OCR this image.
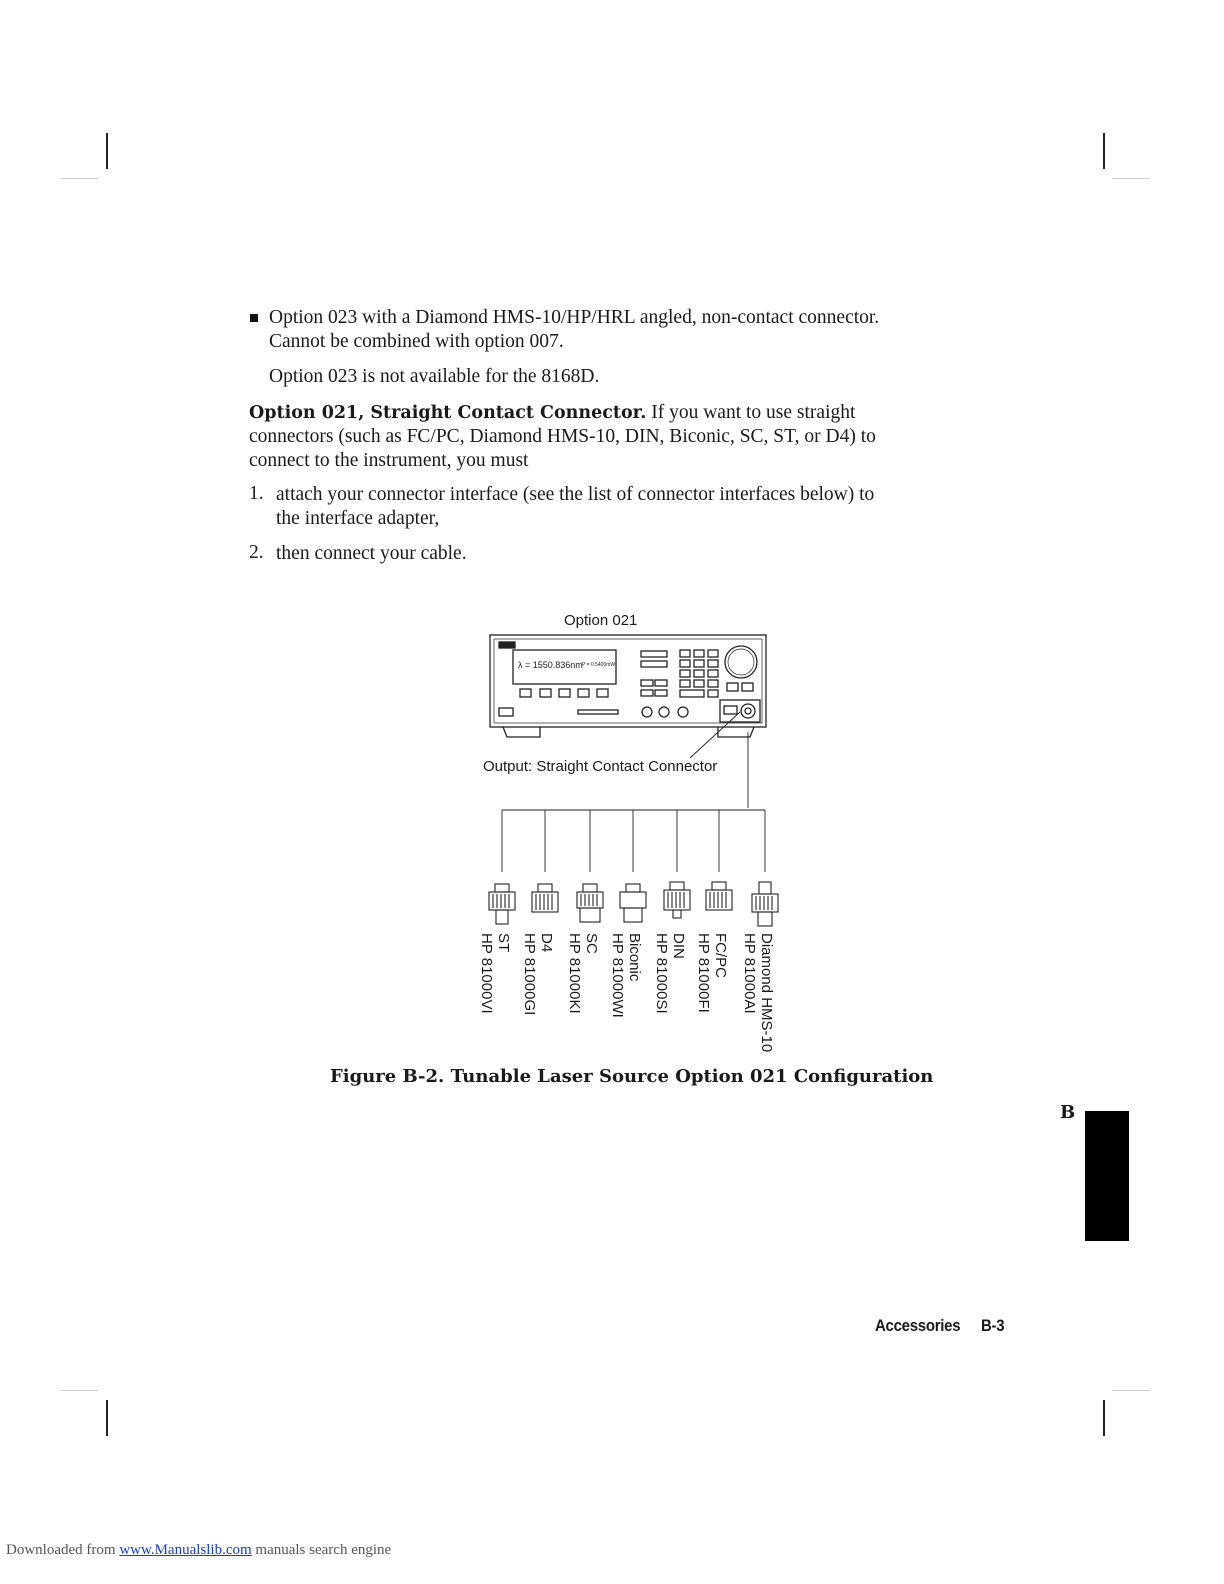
Option 023 with a Diamond HMS-10/HP/HRL angled, non-contact connector.
Cannot be combined with option 007.
Option 023 is not available for the 8168D.
Option 021, Straight Contact Connector. If you want to use straight
connectors (such as FC/PC, Diamond HMS-10, DIN, Biconic, SC, ST, or D4) to
connect to the instrument, you must
1. attach your connector interface (see the list of connector interfaces below) to
the interface adapter,
2. then connect your cable.
Option 021
λ = 1550.836nm P = 0.5400mW
Output: Straight Contact Connector
ST
HP 81000VI	D4
HP 81000GI	SC
HP 81000KI	Biconic
HP 81000WI	DIN
HP 81000SI	FC/PC
HP 81000FI	Diamond HMS-10
HP 81000AI
Figure B-2. Tunable Laser Source Option 021 Configuration
B
Accessories B-3
Downloaded from www.Manualslib.com manuals search engine
